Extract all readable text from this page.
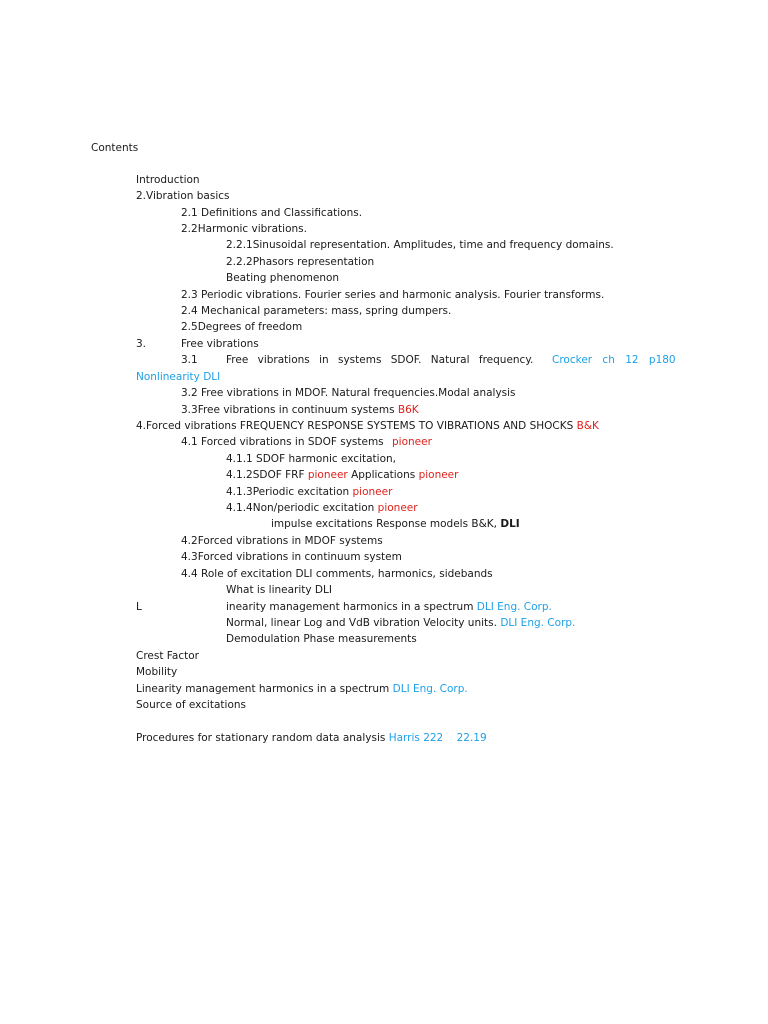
Contents
Introduction
2.Vibration basics
2.1 Definitions and Classifications.
2.2Harmonic vibrations.
2.2.1Sinusoidal representation. Amplitudes, time and frequency domains.
2.2.2Phasors representation
Beating phenomenon
2.3 Periodic vibrations. Fourier series and harmonic analysis. Fourier transforms.
2.4 Mechanical parameters: mass, spring dumpers.
2.5Degrees of freedom
3.	Free vibrations
3.1	Free vibrations in systems SDOF. Natural frequency. Crocker ch 12 p180
Nonlinearity DLI
3.2 Free vibrations in MDOF. Natural frequencies.Modal analysis
3.3Free vibrations in continuum systems B6K
4.Forced vibrations FREQUENCY RESPONSE SYSTEMS TO VIBRATIONS AND SHOCKS B&K
4.1 Forced vibrations in SDOF systems pioneer
4.1.1 SDOF harmonic excitation,
4.1.2SDOF FRF pioneer Applications pioneer
4.1.3Periodic excitation pioneer
4.1.4Non/periodic excitation pioneer
impulse excitations Response models B&K, DLI
4.2Forced vibrations in MDOF systems
4.3Forced vibrations in continuum system
4.4 Role of excitation DLI comments, harmonics, sidebands
What is linearity DLI
L	inearity management harmonics in a spectrum DLI Eng. Corp.
Normal, linear Log and VdB vibration Velocity units. DLI Eng. Corp.
Demodulation Phase measurements
Crest Factor
Mobility
Linearity management harmonics in a spectrum DLI Eng. Corp.
Source of excitations
Procedures for stationary random data analysis Harris 222 22.19
